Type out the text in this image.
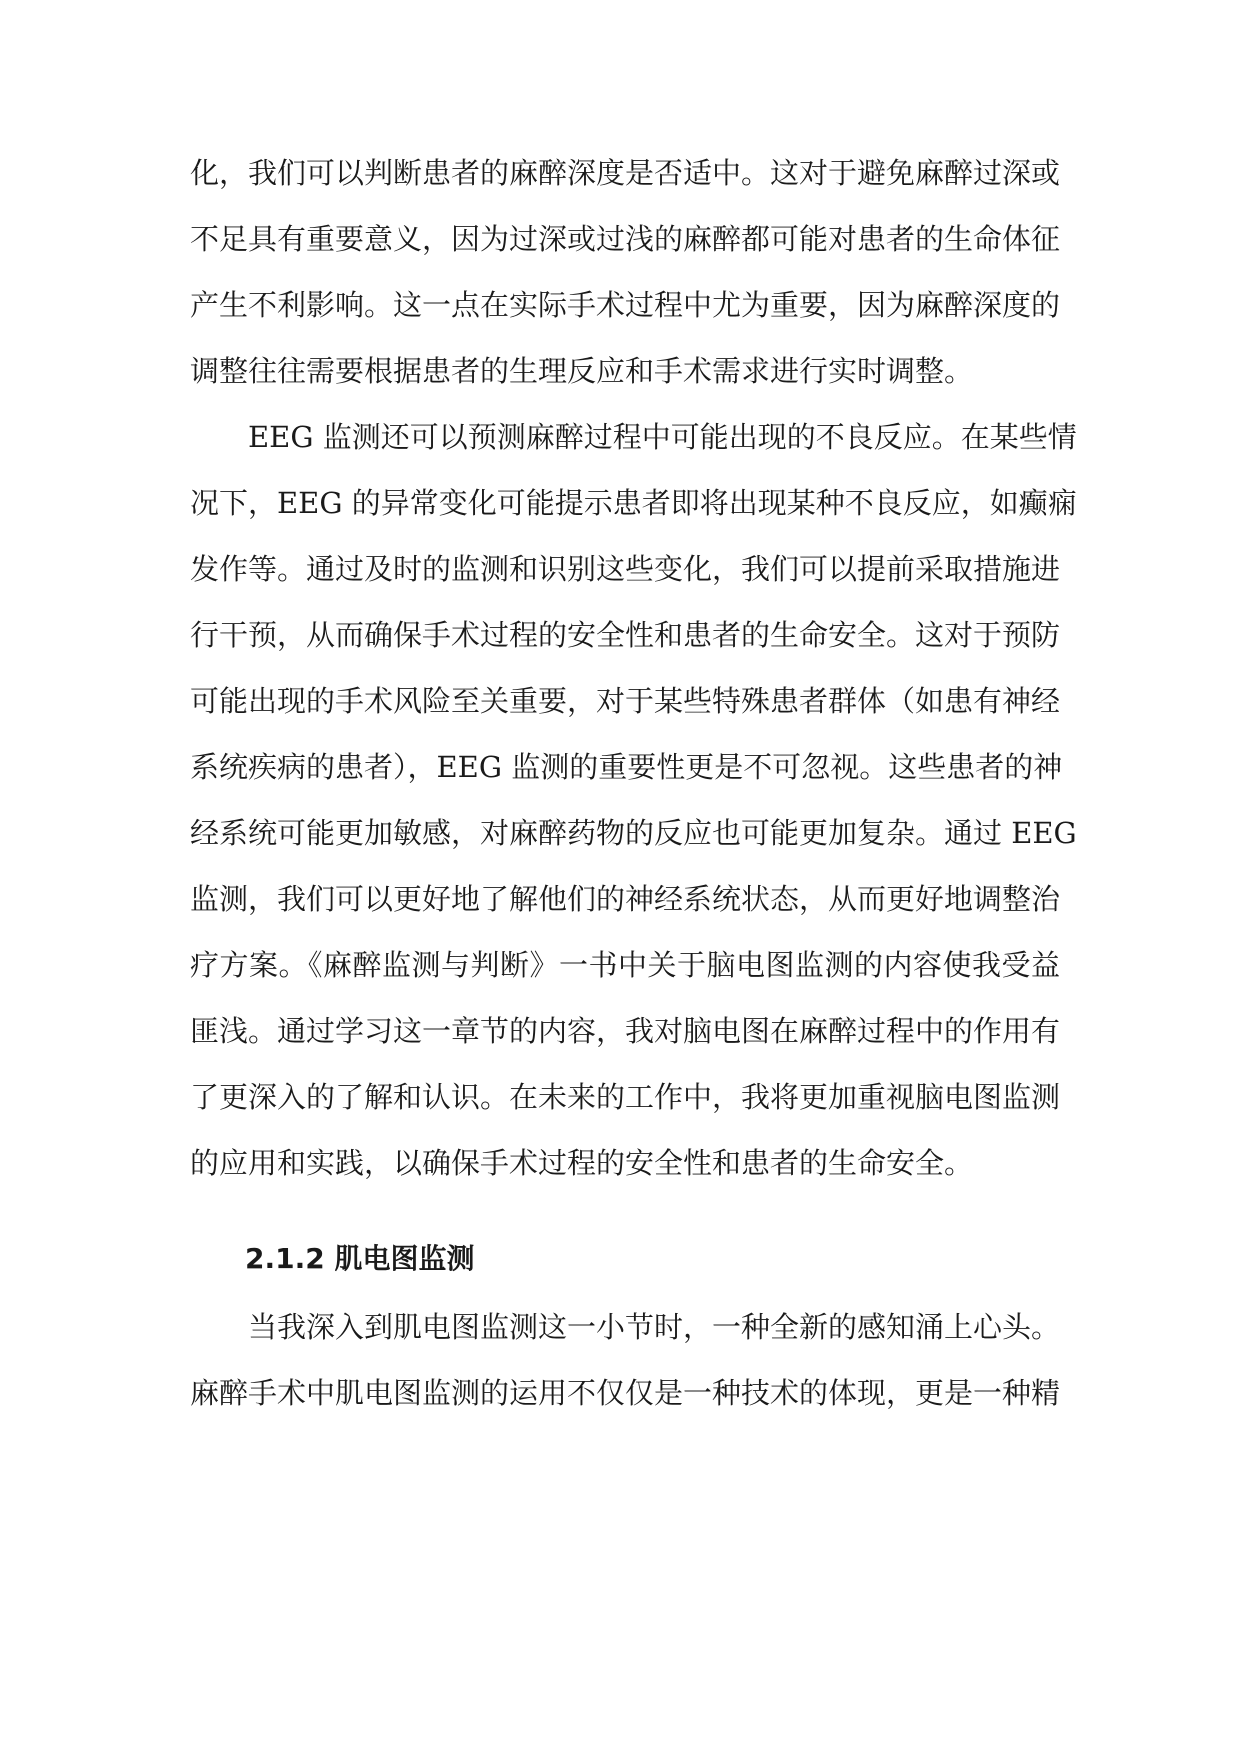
化，我们可以判断患者的麻醉深度是否适中。这对于避免麻醉过深或
不足具有重要意义，因为过深或过浅的麻醉都可能对患者的生命体征
产生不利影响。这一点在实际手术过程中尤为重要，因为麻醉深度的
调整往往需要根据患者的生理反应和手术需求进行实时调整。
EEG 监测还可以预测麻醉过程中可能出现的不良反应。在某些情
况下，EEG 的异常变化可能提示患者即将出现某种不良反应，如癫痫
发作等。通过及时的监测和识别这些变化，我们可以提前采取措施进
行干预，从而确保手术过程的安全性和患者的生命安全。这对于预防
可能出现的手术风险至关重要，对于某些特殊患者群体（如患有神经
系统疾病的患者），EEG 监测的重要性更是不可忽视。这些患者的神
经系统可能更加敏感，对麻醉药物的反应也可能更加复杂。通过 EEG
监测，我们可以更好地了解他们的神经系统状态，从而更好地调整治
疗方案。《麻醉监测与判断》一书中关于脑电图监测的内容使我受益
匪浅。通过学习这一章节的内容，我对脑电图在麻醉过程中的作用有
了更深入的了解和认识。在未来的工作中，我将更加重视脑电图监测
的应用和实践，以确保手术过程的安全性和患者的生命安全。
2.1.2 肌电图监测
当我深入到肌电图监测这一小节时，一种全新的感知涌上心头。
麻醉手术中肌电图监测的运用不仅仅是一种技术的体现，更是一种精
